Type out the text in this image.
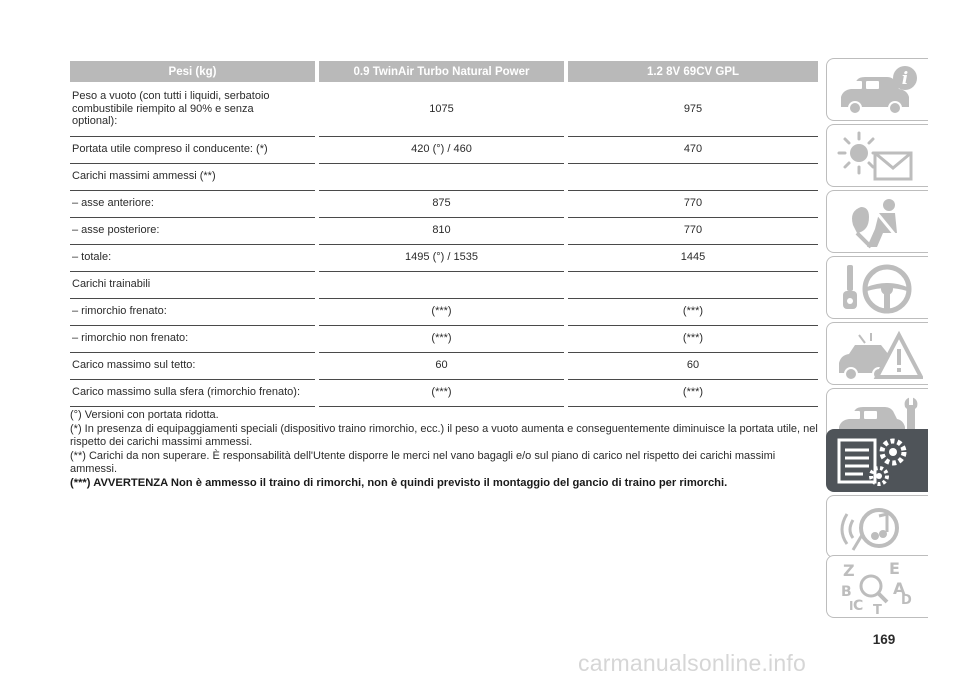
Pesi (kg)		0.9 TwinAir Turbo Natural Power		1.2 8V 69CV GPL
Peso a vuoto (con tutti i liquidi, serbatoio
combustibile riempito al 90% e senza
optional):		1075		975
Portata utile compreso il conducente: (*)		420 (°) / 460		470
Carichi massimi ammessi (**)				
– asse anteriore:		875		770
– asse posteriore:		810		770
– totale:		1495 (°) / 1535		1445
Carichi trainabili				
– rimorchio frenato:		(***)		(***)
– rimorchio non frenato:		(***)		(***)
Carico massimo sul tetto:		60		60
Carico massimo sulla sfera (rimorchio frenato):		(***)		(***)

(°) Versioni con portata ridotta.

(*) In presenza di equipaggiamenti speciali (dispositivo traino rimorchio, ecc.) il peso a vuoto aumenta e conseguentemente diminuisce la portata utile, nel rispetto dei carichi massimi ammessi.

(**) Carichi da non superare. È responsabilità dell'Utente disporre le merci nel vano bagagli e/o sul piano di carico nel rispetto dei carichi massimi ammessi.

(***) AVVERTENZA Non è ammesso il traino di rimorchi, non è quindi previsto il montaggio del gancio di traino per rimorchi.

i
Z E
B	A
D
C T
I
169
carmanualsonline.info
